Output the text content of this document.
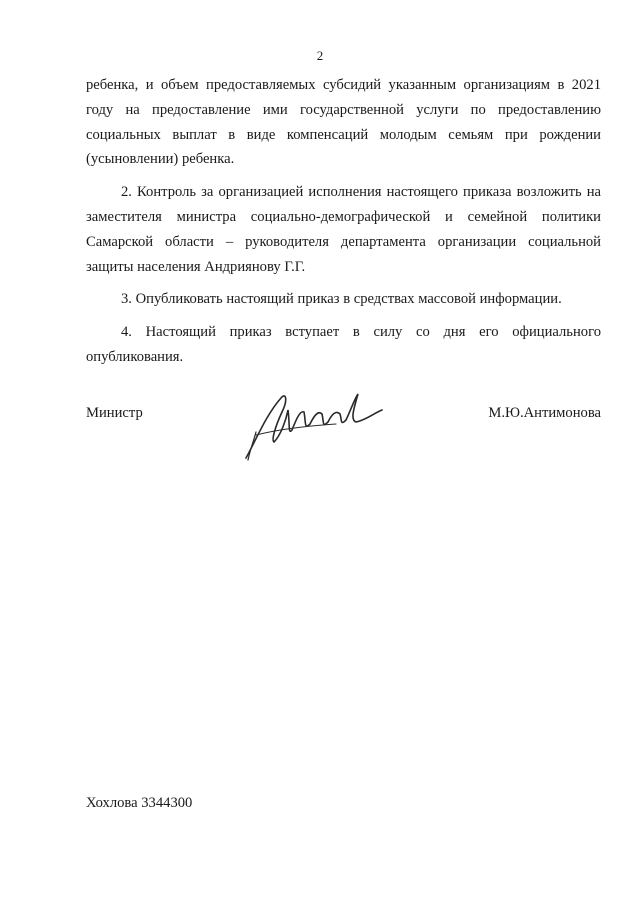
2

ребенка, и объем предоставляемых субсидий указанным организациям в 2021 году на предоставление ими государственной услуги по предоставлению социальных выплат в виде компенсаций молодым семьям при рождении (усыновлении) ребенка.

2. Контроль за организацией исполнения настоящего приказа возложить на заместителя министра социально-демографической и семейной политики Самарской области – руководителя департамента организации социальной защиты населения Андриянову Г.Г.

3. Опубликовать настоящий приказ в средствах массовой информации.

4. Настоящий приказ вступает в силу со дня его официального опубликования.

Министр	М.Ю.Антимонова
Хохлова 3344300
